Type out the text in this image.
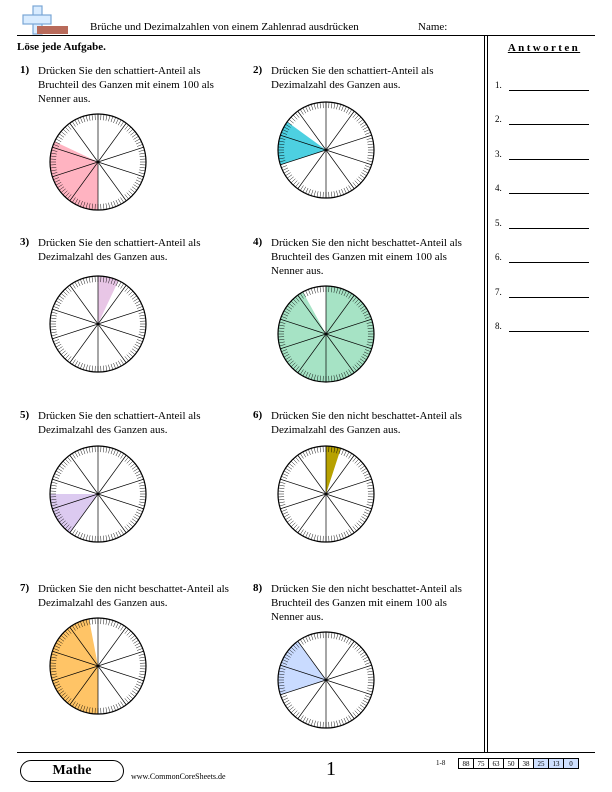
Brüche und Dezimalzahlen von einem Zahlenrad ausdrücken	Name:
Löse jede Aufgabe.	Antworten
1.
2.
3.
4.
5.
6.
7.
8.
1) Drücken Sie den schattiert-Anteil als Bruchteil des Ganzen mit einem 100 als Nenner aus.
2) Drücken Sie den schattiert-Anteil als Dezimalzahl des Ganzen aus.
3) Drücken Sie den schattiert-Anteil als Dezimalzahl des Ganzen aus.
4) Drücken Sie den nicht beschattet-Anteil als Bruchteil des Ganzen mit einem 100 als Nenner aus.
5) Drücken Sie den schattiert-Anteil als Dezimalzahl des Ganzen aus.
6) Drücken Sie den nicht beschattet-Anteil als Dezimalzahl des Ganzen aus.
7) Drücken Sie den nicht beschattet-Anteil als Dezimalzahl des Ganzen aus.
8) Drücken Sie den nicht beschattet-Anteil als Bruchteil des Ganzen mit einem 100 als Nenner aus.
Mathe	www.CommonCoreSheets.de	1	1-8 88	75	63	50	38	25	13	0
